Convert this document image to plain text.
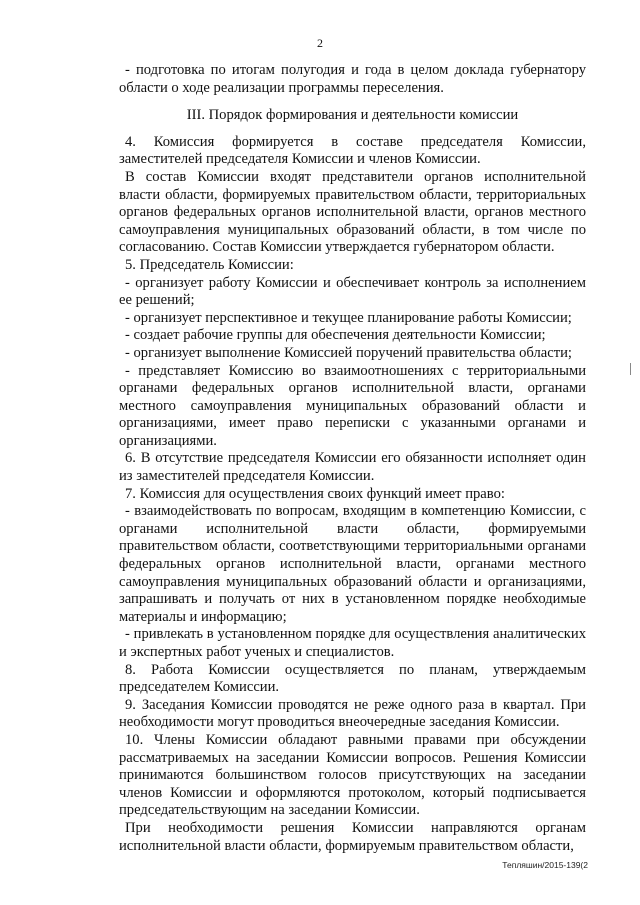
2

- подготовка по итогам полугодия и года в целом доклада губернатору области о ходе реализации программы переселения.

III. Порядок формирования и деятельности комиссии

4. Комиссия формируется в составе председателя Комиссии, заместителей председателя Комиссии и членов Комиссии.

В состав Комиссии входят представители органов исполнительной власти области, формируемых правительством области, территориальных органов федеральных органов исполнительной власти, органов местного самоуправления муниципальных образований области, в том числе по согласованию. Состав Комиссии утверждается губернатором области.

5. Председатель Комиссии:

- организует работу Комиссии и обеспечивает контроль за исполнением ее решений;

- организует перспективное и текущее планирование работы Комиссии;

- создает рабочие группы для обеспечения деятельности Комиссии;

- организует выполнение Комиссией поручений правительства области;

- представляет Комиссию во взаимоотношениях с территориальными органами федеральных органов исполнительной власти, органами местного самоуправления муниципальных образований области и организациями, имеет право переписки с указанными органами и организациями.

6. В отсутствие председателя Комиссии его обязанности исполняет один из заместителей председателя Комиссии.

7. Комиссия для осуществления своих функций имеет право:

- взаимодействовать по вопросам, входящим в компетенцию Комиссии, с органами исполнительной власти области, формируемыми правительством области, соответствующими территориальными органами федеральных органов исполнительной власти, органами местного самоуправления муниципальных образований области и организациями, запрашивать и получать от них в установленном порядке необходимые материалы и информацию;

- привлекать в установленном порядке для осуществления аналитических и экспертных работ ученых и специалистов.

8. Работа Комиссии осуществляется по планам, утверждаемым председателем Комиссии.

9. Заседания Комиссии проводятся не реже одного раза в квартал. При необходимости могут проводиться внеочередные заседания Комиссии.

10. Члены Комиссии обладают равными правами при обсуждении рассматриваемых на заседании Комиссии вопросов. Решения Комиссии принимаются большинством голосов присутствующих на заседании членов Комиссии и оформляются протоколом, который подписывается председательствующим на заседании Комиссии.

При необходимости решения Комиссии направляются органам исполнительной власти области, формируемым правительством области,

Тепляшин/2015-139(2
